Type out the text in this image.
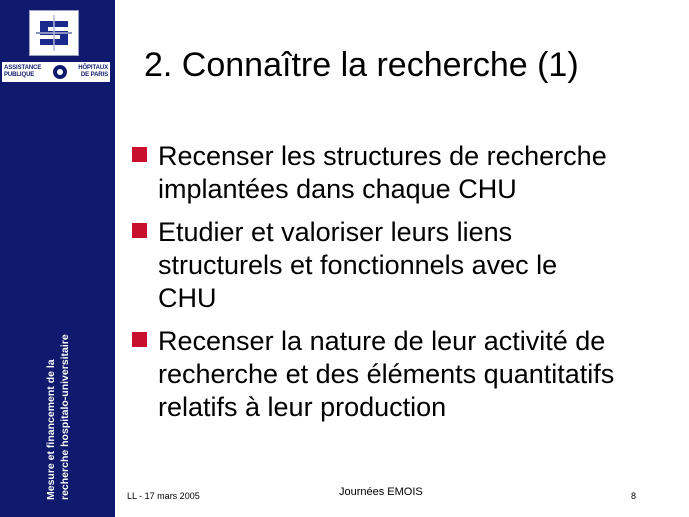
ASSISTANCE
PUBLIQUE
HÔPITAUX
DE PARIS
Mesure et financement de la recherche hospitalo-universitaire
2. Connaître la recherche (1)
Recenser les structures de recherche
implantées dans chaque CHU
Etudier et valoriser leurs liens
structurels et fonctionnels avec le
CHU
Recenser la nature de leur activité de
recherche et des éléments quantitatifs
relatifs à leur production
LL - 17 mars 2005	Journées EMOIS	8
